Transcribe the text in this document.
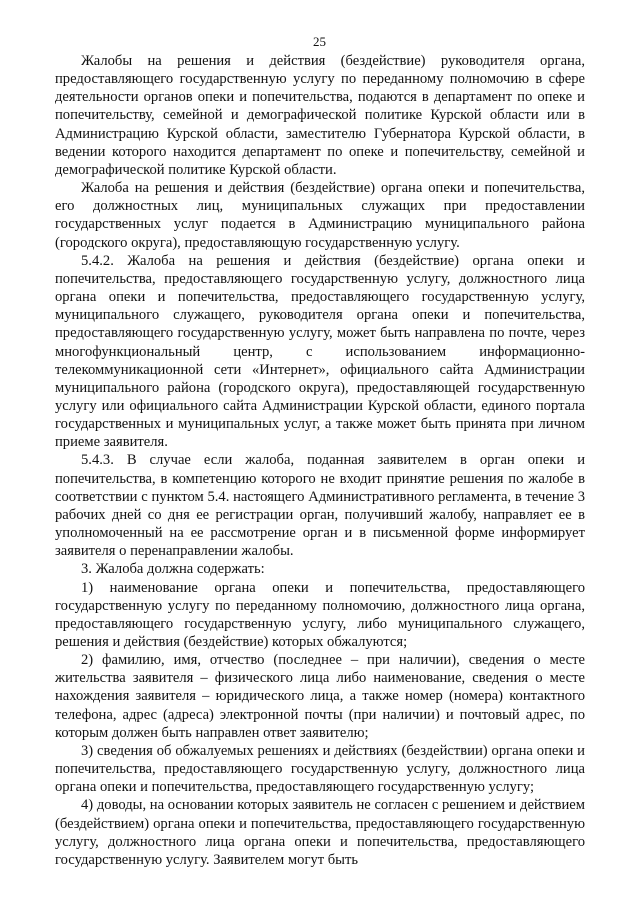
25

Жалобы на решения и действия (бездействие) руководителя органа, предоставляющего государственную услугу по переданному полномочию в сфере деятельности органов опеки и попечительства, подаются в департамент по опеке и попечительству, семейной и демографической политике Курской области или в Администрацию Курской области, заместителю Губернатора Курской области, в ведении которого находится департамент по опеке и попечительству, семейной и демографической политике Курской области.

Жалоба на решения и действия (бездействие) органа опеки и попечительства, его должностных лиц, муниципальных служащих при предоставлении государственных услуг подается в Администрацию муниципального района (городского округа), предоставляющую государственную услугу.

5.4.2. Жалоба на решения и действия (бездействие) органа опеки и попечительства, предоставляющего государственную услугу, должностного лица органа опеки и попечительства, предоставляющего государственную услугу, муниципального служащего, руководителя органа опеки и попечительства, предоставляющего государственную услугу, может быть направлена по почте, через многофункциональный центр, с использованием информационно-телекоммуникационной сети «Интернет», официального сайта Администрации муниципального района (городского округа), предоставляющей государственную услугу или официального сайта Администрации Курской области, единого портала государственных и муниципальных услуг, а также может быть принята при личном приеме заявителя.

5.4.3. В случае если жалоба, поданная заявителем в орган опеки и попечительства, в компетенцию которого не входит принятие решения по жалобе в соответствии с пунктом 5.4. настоящего Административного регламента, в течение 3 рабочих дней со дня ее регистрации орган, получивший жалобу, направляет ее в уполномоченный на ее рассмотрение орган и в письменной форме информирует заявителя о перенаправлении жалобы.

3. Жалоба должна содержать:

1) наименование органа опеки и попечительства, предоставляющего государственную услугу по переданному полномочию, должностного лица органа, предоставляющего государственную услугу, либо муниципального служащего, решения и действия (бездействие) которых обжалуются;

2) фамилию, имя, отчество (последнее – при наличии), сведения о месте жительства заявителя – физического лица либо наименование, сведения о месте нахождения заявителя – юридического лица, а также номер (номера) контактного телефона, адрес (адреса) электронной почты (при наличии) и почтовый адрес, по которым должен быть направлен ответ заявителю;

3) сведения об обжалуемых решениях и действиях (бездействии) органа опеки и попечительства, предоставляющего государственную услугу, должностного лица органа опеки и попечительства, предоставляющего государственную услугу;

4) доводы, на основании которых заявитель не согласен с решением и действием (бездействием) органа опеки и попечительства, предоставляющего государственную услугу, должностного лица органа опеки и попечительства, предоставляющего государственную услугу. Заявителем могут быть
